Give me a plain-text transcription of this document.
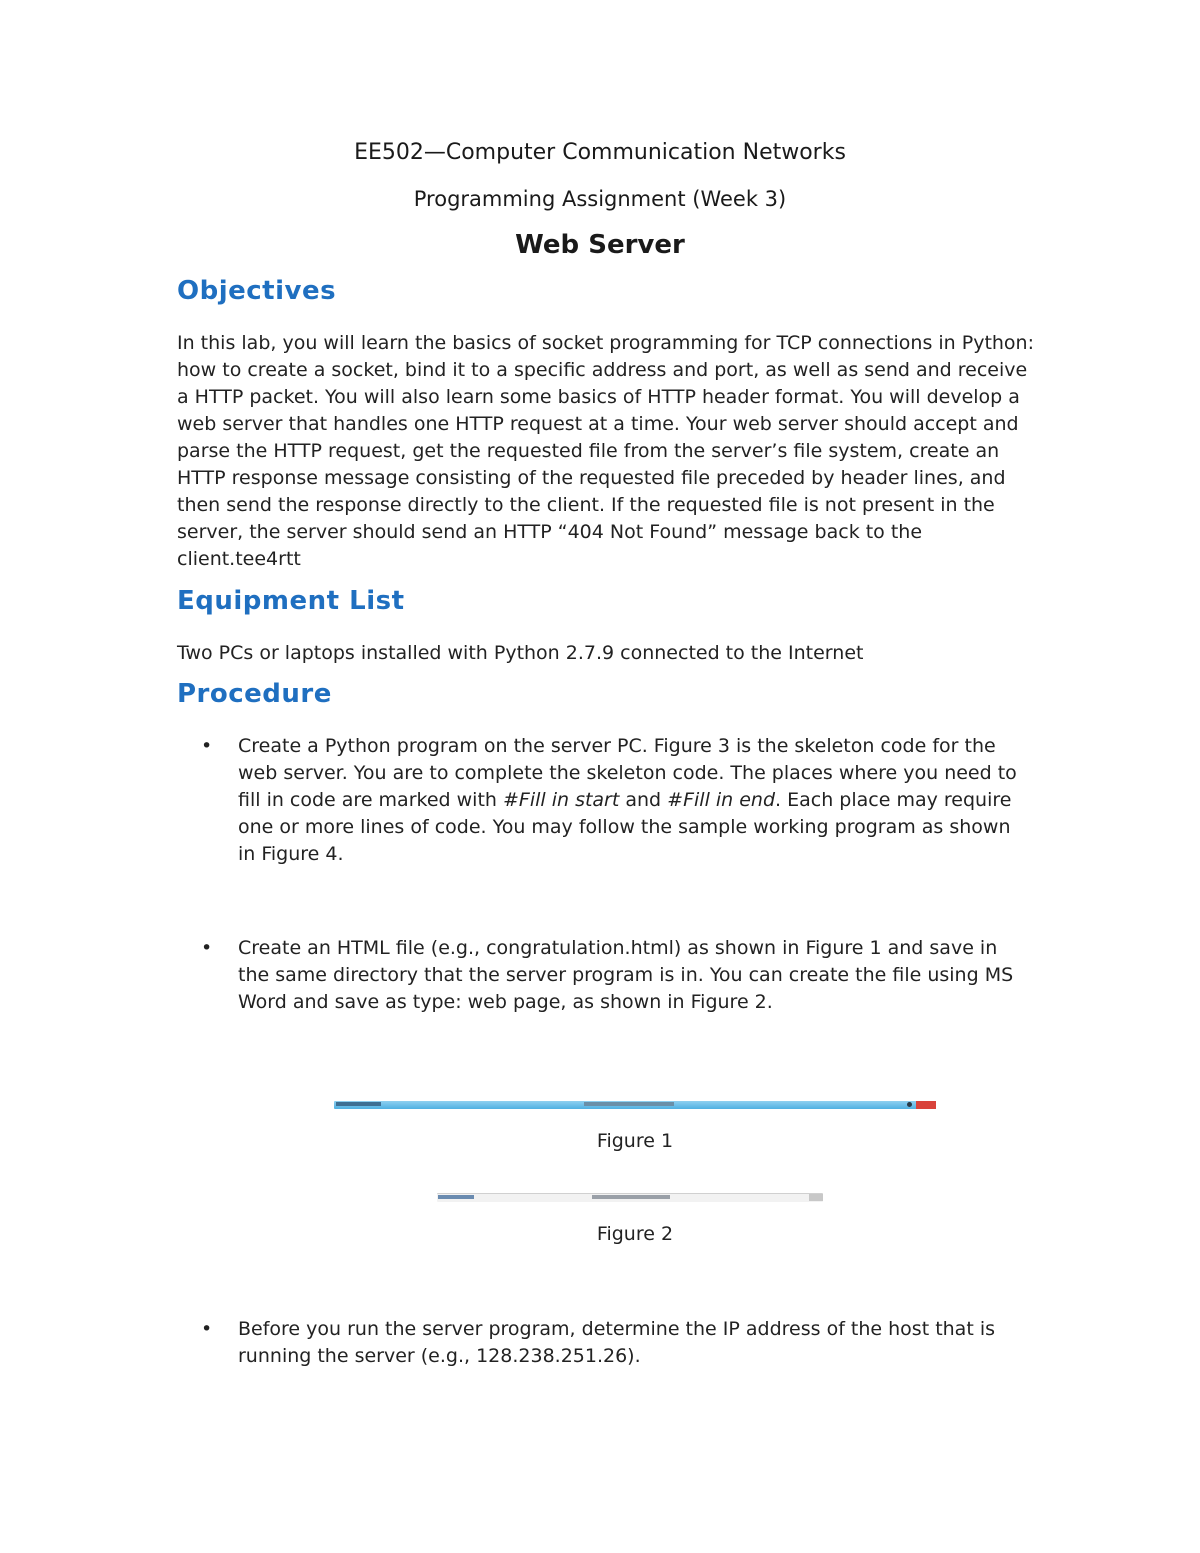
EE502—Computer Communication Networks
Programming Assignment (Week 3)
Web Server
Objectives
In this lab, you will learn the basics of socket programming for TCP connections in Python: how to create a socket, bind it to a specific address and port, as well as send and receive a HTTP packet. You will also learn some basics of HTTP header format. You will develop a web server that handles one HTTP request at a time. Your web server should accept and parse the HTTP request, get the requested file from the server’s file system, create an HTTP response message consisting of the requested file preceded by header lines, and then send the response directly to the client. If the requested file is not present in the server, the server should send an HTTP “404 Not Found” message back to the client.tee4rtt
Equipment List
Two PCs or laptops installed with Python 2.7.9 connected to the Internet
Procedure
• Create a Python program on the server PC. Figure 3 is the skeleton code for the web server. You are to complete the skeleton code. The places where you need to fill in code are marked with #Fill in start and #Fill in end. Each place may require one or more lines of code. You may follow the sample working program as shown in Figure 4.
• Create an HTML file (e.g., congratulation.html) as shown in Figure 1 and save in the same directory that the server program is in. You can create the file using MS Word and save as type: web page, as shown in Figure 2.
Figure 1
Figure 2
• Before you run the server program, determine the IP address of the host that is running the server (e.g., 128.238.251.26).
